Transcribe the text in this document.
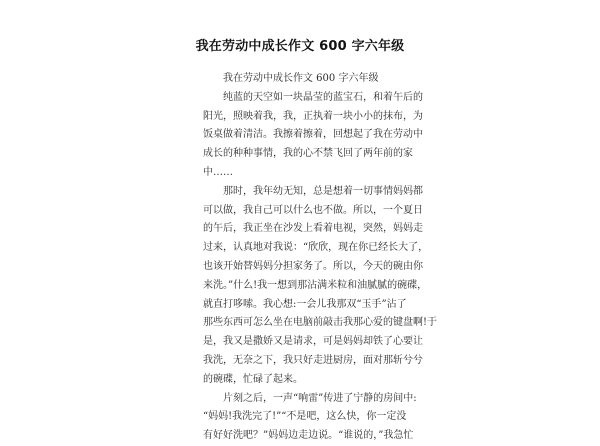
我在劳动中成长作文 600 字六年级
我在劳动中成长作文 600 字六年级
纯蓝的天空如一块晶莹的蓝宝石，和着午后的
阳光，照映着我，我，正执着一块小小的抹布，为
饭桌做着清洁。我擦着擦着，回想起了我在劳动中
成长的种种事情，我的心不禁飞回了两年前的家
中……
那时，我年幼无知，总是想着一切事情妈妈都
可以做，我自己可以什么也不做。所以，一个夏日
的午后，我正坐在沙发上看着电视，突然，妈妈走
过来，认真地对我说：“欣欣，现在你已经长大了，
也该开始替妈妈分担家务了。所以，今天的碗由你
来洗。”什么!我一想到那沾满米粒和油腻腻的碗碟，
就直打哆嗦。我心想:一会儿我那双“玉手”沾了
那些东西可怎么坐在电脑前敲击我那心爱的键盘啊!于
是，我又是撒娇又是请求，可是妈妈却铁了心要让
我洗，无奈之下，我只好走进厨房，面对那斩兮兮
的碗碟，忙碌了起来。
片刻之后，一声“响雷”传进了宁静的房间中:
“妈妈!我洗完了!”“不是吧，这么快，你一定没
有好好洗吧？”妈妈边走边说。“谁说的，”我急忙
